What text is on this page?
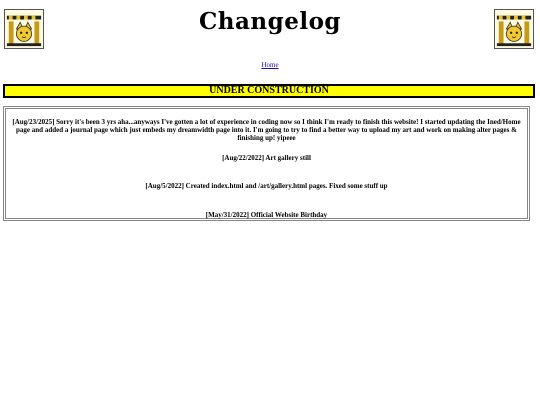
Changelog
Home
UNDER CONSTRUCTION
[Aug/23/2025] Sorry it's been 3 yrs aha...anyways I've gotten a lot of experience in coding now so I think I'm ready to finish this website! I started updating the Ined/Home page and added a journal page which just embeds my dreamwidth page into it. I'm going to try to find a better way to upload my art and work on making alter pages & finishing up! yipeee
[Aug/22/2022] Art gallery still
[Aug/5/2022] Created index.html and /art/gallery.html pages. Fixed some stuff up
[May/31/2022] Official Website Birthday
